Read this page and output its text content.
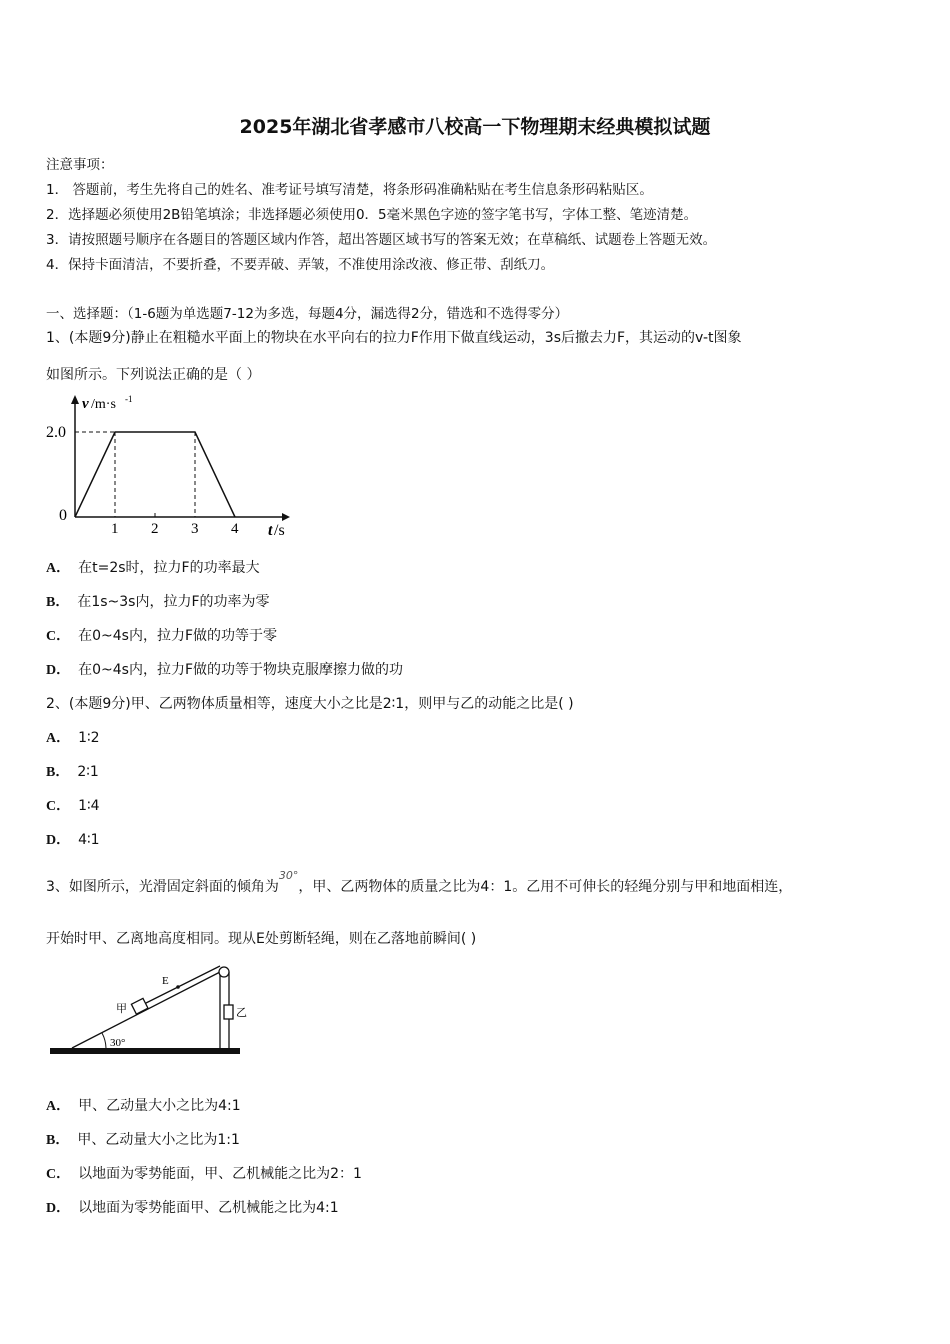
2025年湖北省孝感市八校高一下物理期末经典模拟试题
注意事项：
1． 答题前，考生先将自己的姓名、准考证号填写清楚，将条形码准确粘贴在考生信息条形码粘贴区。
2．选择题必须使用2B铅笔填涂；非选择题必须使用0．5毫米黑色字迹的签字笔书写，字体工整、笔迹清楚。
3．请按照题号顺序在各题目的答题区域内作答，超出答题区域书写的答案无效；在草稿纸、试题卷上答题无效。
4．保持卡面清洁，不要折叠，不要弄破、弄皱，不准使用涂改液、修正带、刮纸刀。
一、选择题：（1-6题为单选题7-12为多选，每题4分，漏选得2分，错选和不选得零分）
1、(本题9分)静止在粗糙水平面上的物块在水平向右的拉力F作用下做直线运动，3s后撤去力F，其运动的v-t图象
如图所示。下列说法正确的是（ ）
v /m·s -1
2.0
0
1 2 3 4 t /s
A． 在t=2s时，拉力F的功率最大
B． 在1s~3s内，拉力F的功率为零
C． 在0~4s内，拉力F做的功等于零
D． 在0~4s内，拉力F做的功等于物块克服摩擦力做的功
2、(本题9分)甲、乙两物体质量相等，速度大小之比是2∶1，则甲与乙的动能之比是( )
A． 1∶2
B． 2∶1
C． 1∶4
D． 4∶1
3、如图所示，光滑固定斜面的倾角为$^{30^\circ}$，甲、乙两物体的质量之比为4：1。乙用不可伸长的轻绳分别与甲和地面相连，
开始时甲、乙离地高度相同。现从E处剪断轻绳，则在乙落地前瞬间( )
E
甲	乙
30°
A． 甲、乙动量大小之比为4:1
B． 甲、乙动量大小之比为1:1
C． 以地面为零势能面，甲、乙机械能之比为2：1
D． 以地面为零势能面甲、乙机械能之比为4:1
